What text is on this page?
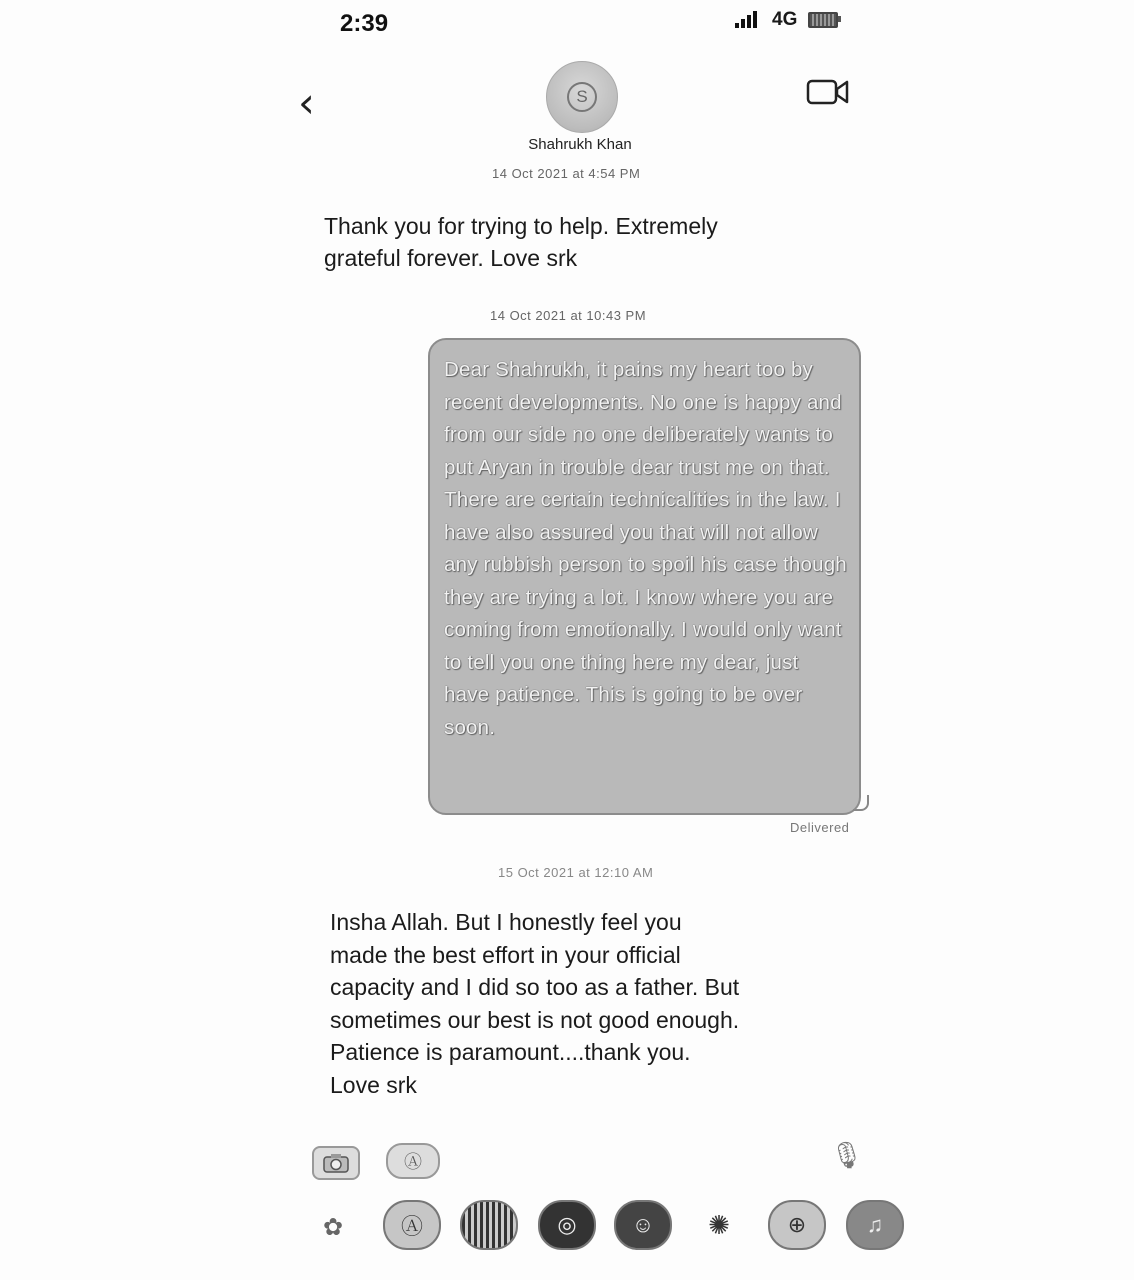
2:39	4G
‹	S
Shahrukh Khan
14 Oct 2021 at 4:54 PM
Thank you for trying to help. Extremely grateful forever. Love srk
14 Oct 2021 at 10:43 PM
Dear Shahrukh, it pains my heart too by recent developments. No one is happy and from our side no one deliberately wants to put Aryan in trouble dear trust me on that. There are certain technicalities in the law. I have also assured you that will not allow any rubbish person to spoil his case though they are trying a lot. I know where you are coming from emotionally. I would only want to tell you one thing here my dear, just have patience. This is going to be over soon.
Delivered
15 Oct 2021 at 12:10 AM
Insha Allah. But I honestly feel you made the best effort in your official capacity and I did so too as a father. But sometimes our best is not good enough. Patience is paramount....thank you. Love srk
Ⓐ	🎙
✿	Ⓐ	◎	☺	✺	⊕	♫
